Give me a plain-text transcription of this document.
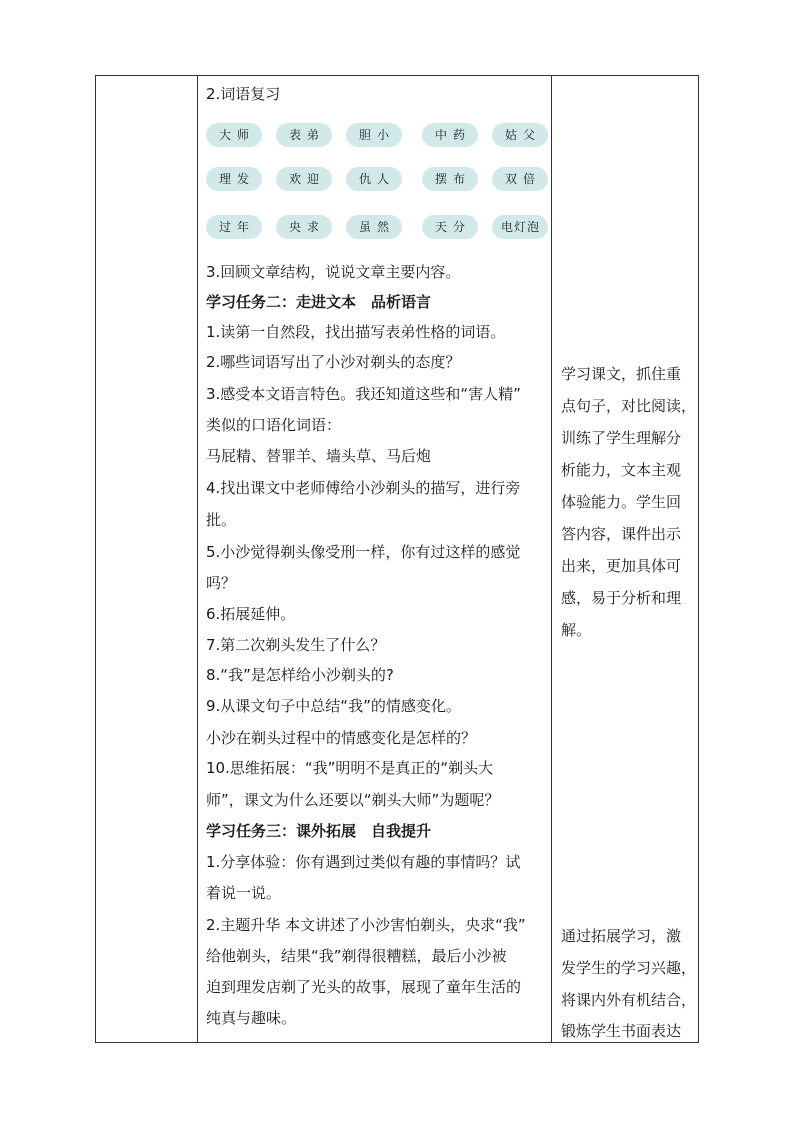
2.词语复习
大师	表弟	胆小	中药	姑父
理发	欢迎	仇人	摆布	双倍
过年	央求	虽然	天分	电灯泡
3.回顾文章结构，说说文章主要内容。
学习任务二：走进文本　品析语言
1.读第一自然段，找出描写表弟性格的词语。
2.哪些词语写出了小沙对剃头的态度？
3.感受本文语言特色。我还知道这些和“害人精”
类似的口语化词语：
马屁精、替罪羊、墙头草、马后炮
4.找出课文中老师傅给小沙剃头的描写，进行旁
批。
5.小沙觉得剃头像受刑一样，你有过这样的感觉
吗？
6.拓展延伸。
7.第二次剃头发生了什么？
8.“我”是怎样给小沙剃头的?
9.从课文句子中总结“我”的情感变化。
小沙在剃头过程中的情感变化是怎样的？
10.思维拓展：“我”明明不是真正的“剃头大
师”，课文为什么还要以“剃头大师”为题呢？
学习任务三：课外拓展　自我提升
1.分享体验：你有遇到过类似有趣的事情吗？试
着说一说。
2.主题升华 本文讲述了小沙害怕剃头，央求“我”
给他剃头，结果“我”剃得很糟糕，最后小沙被
迫到理发店剃了光头的故事，展现了童年生活的
纯真与趣味。
学习课文，抓住重
点句子，对比阅读，
训练了学生理解分
析能力，文本主观
体验能力。学生回
答内容，课件出示
出来，更加具体可
感，易于分析和理
解。
通过拓展学习，激
发学生的学习兴趣，
将课内外有机结合，
锻炼学生书面表达
